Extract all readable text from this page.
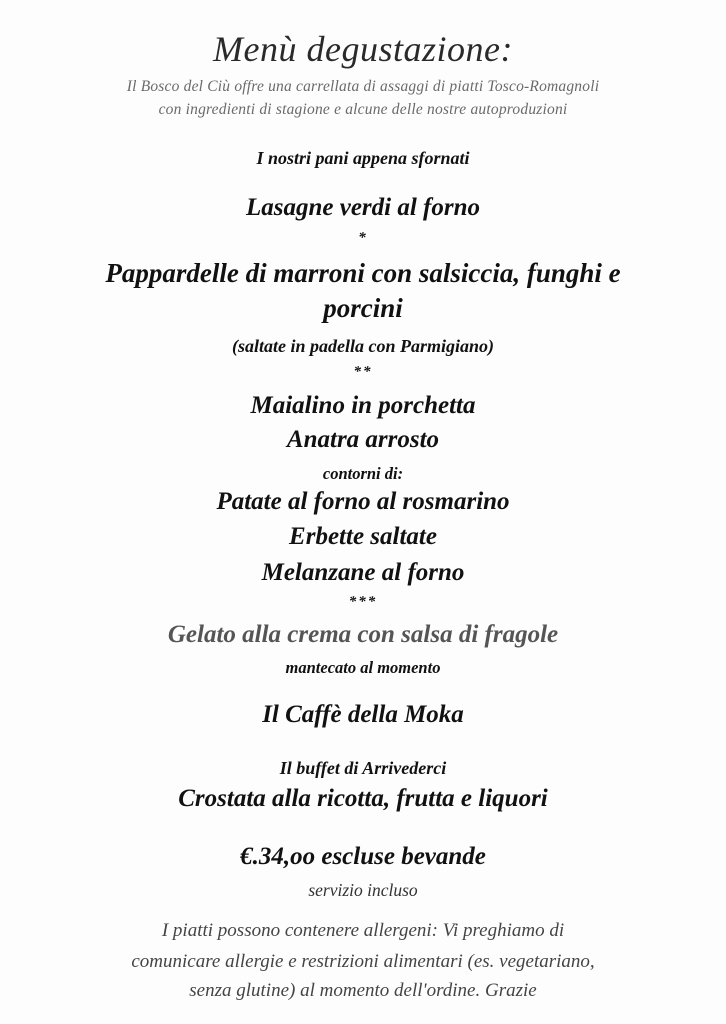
Menù degustazione:
Il Bosco del Ciù offre una carrellata di assaggi di piatti Tosco-Romagnoli
con ingredienti di stagione e alcune delle nostre autoproduzioni
I nostri pani appena sfornati
Lasagne verdi al forno
*
Pappardelle di marroni con salsiccia, funghi e
porcini
(saltate in padella con Parmigiano)
**
Maialino in porchetta
Anatra arrosto
contorni di:
Patate al forno al rosmarino
Erbette saltate
Melanzane al forno
***
Gelato alla crema con salsa di fragole
mantecato al momento
Il Caffè della Moka
Il buffet di Arrivederci
Crostata alla ricotta, frutta e liquori
€.34,oo escluse bevande
servizio incluso
I piatti possono contenere allergeni: Vi preghiamo di
comunicare allergie e restrizioni alimentari (es. vegetariano,
senza glutine) al momento dell'ordine. Grazie
